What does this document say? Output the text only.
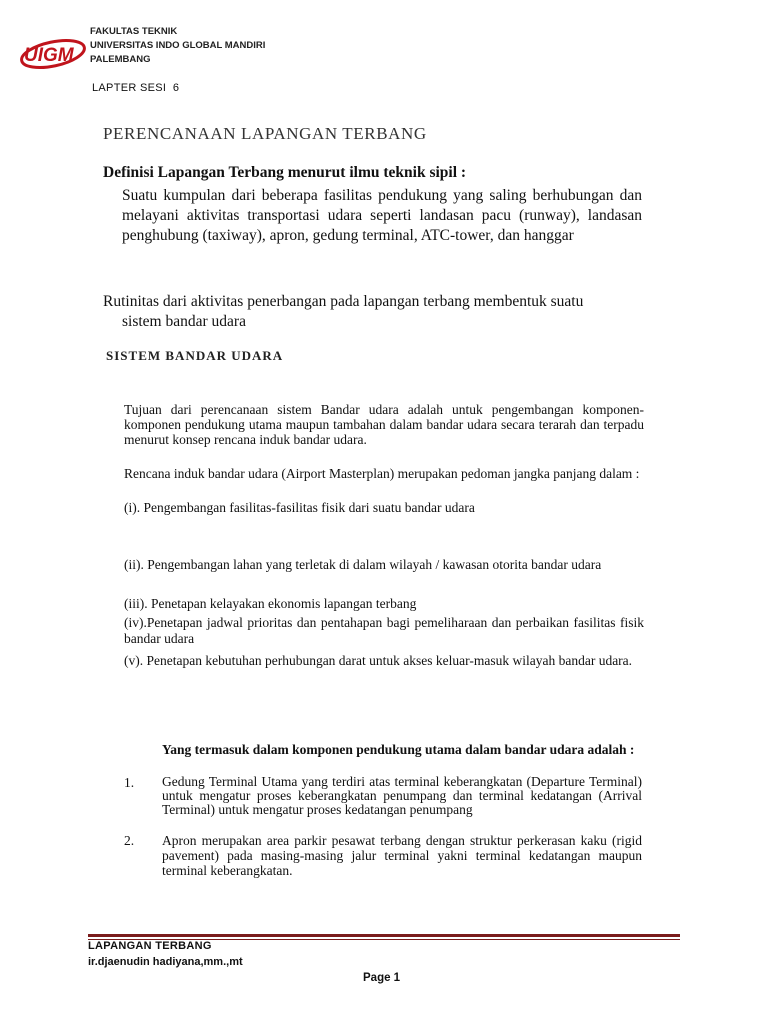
UIGM
FAKULTAS TEKNIK
UNIVERSITAS INDO GLOBAL MANDIRI
PALEMBANG
LAPTER SESI  6
PERENCANAAN LAPANGAN TERBANG
Definisi Lapangan Terbang menurut ilmu teknik sipil :
Suatu kumpulan dari beberapa fasilitas pendukung yang saling berhubungan dan melayani aktivitas transportasi udara seperti landasan pacu (runway), landasan penghubung (taxiway), apron, gedung terminal, ATC-tower, dan hanggar
Rutinitas dari aktivitas penerbangan pada lapangan terbang membentuk suatu
sistem bandar udara
SISTEM BANDAR UDARA
Tujuan dari perencanaan sistem Bandar udara adalah untuk pengembangan komponen-komponen pendukung utama maupun tambahan dalam bandar udara secara terarah dan terpadu menurut konsep rencana induk bandar udara.
Rencana induk bandar udara (Airport Masterplan) merupakan pedoman jangka panjang dalam :
(i). Pengembangan fasilitas-fasilitas fisik dari suatu bandar udara
(ii). Pengembangan lahan yang terletak di dalam wilayah / kawasan otorita bandar udara
(iii). Penetapan kelayakan ekonomis lapangan terbang
(iv).Penetapan jadwal prioritas dan pentahapan bagi pemeliharaan dan perbaikan fasilitas fisik bandar udara
(v). Penetapan kebutuhan perhubungan darat untuk akses keluar-masuk wilayah bandar udara.
Yang termasuk dalam komponen pendukung utama dalam bandar udara adalah :
1. Gedung Terminal Utama yang terdiri atas terminal keberangkatan (Departure Terminal) untuk mengatur proses keberangkatan penumpang dan terminal kedatangan (Arrival Terminal) untuk mengatur proses kedatangan penumpang
2. Apron merupakan area parkir pesawat terbang dengan struktur perkerasan kaku (rigid pavement) pada masing-masing jalur terminal yakni terminal kedatangan maupun terminal keberangkatan.
LAPANGAN TERBANG
ir.djaenudin hadiyana,mm.,mt
Page 1
